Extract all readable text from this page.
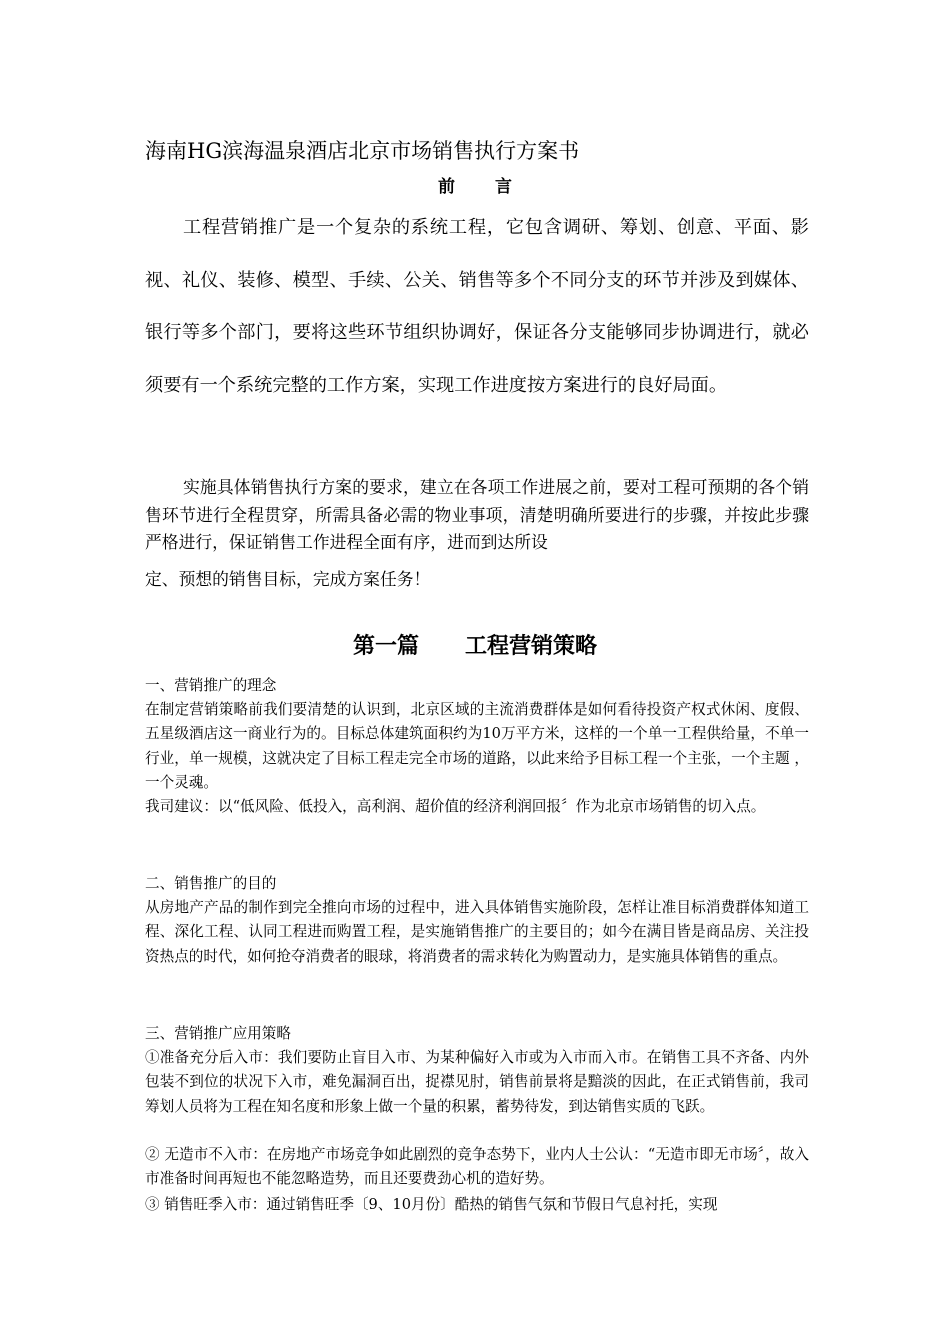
海南HG滨海温泉酒店北京市场销售执行方案书
前言

工程营销推广是一个复杂的系统工程，它包含调研、筹划、创意、平面、影视、礼仪、装修、模型、手续、公关、销售等多个不同分支的环节并涉及到媒体、银行等多个部门，要将这些环节组织协调好，保证各分支能够同步协调进行，就必须要有一个系统完整的工作方案，实现工作进度按方案进行的良好局面。

实施具体销售执行方案的要求，建立在各项工作进展之前，要对工程可预期的各个销售环节进行全程贯穿，所需具备必需的物业事项，清楚明确所要进行的步骤，并按此步骤严格进行，保证销售工作进程全面有序，进而到达所设
定、预想的销售目标，完成方案任务！

第一篇      工程营销策略

一、营销推广的理念

在制定营销策略前我们要清楚的认识到，北京区域的主流消费群体是如何看待投资产权式休闲、度假、五星级酒店这一商业行为的。目标总体建筑面积约为10万平方米，这样的一个单一工程供给量，不单一行业，单一规模，这就决定了目标工程走完全市场的道路，以此来给予目标工程一个主张，一个主题 ，一个灵魂。

我司建议：以“低风险、低投入，高利润、超价值的经济利润回报〞作为北京市场销售的切入点。

二、销售推广的目的

从房地产产品的制作到完全推向市场的过程中，进入具体销售实施阶段，怎样让准目标消费群体知道工程、深化工程、认同工程进而购置工程，是实施销售推广的主要目的；如今在满目皆是商品房、关注投资热点的时代，如何抢夺消费者的眼球，将消费者的需求转化为购置动力，是实施具体销售的重点。

三、营销推广应用策略

①准备充分后入市：我们要防止盲目入市、为某种偏好入市或为入市而入市。在销售工具不齐备、内外包装不到位的状况下入市，难免漏洞百出，捉襟见肘，销售前景将是黯淡的因此，在正式销售前，我司筹划人员将为工程在知名度和形象上做一个量的积累，蓄势待发，到达销售实质的飞跃。

② 无造市不入市：在房地产市场竞争如此剧烈的竞争态势下，业内人士公认：“无造市即无市场〞，故入市准备时间再短也不能忽略造势，而且还要费劲心机的造好势。

③ 销售旺季入市：通过销售旺季〔9、10月份〕酷热的销售气氛和节假日气息衬托，实现
